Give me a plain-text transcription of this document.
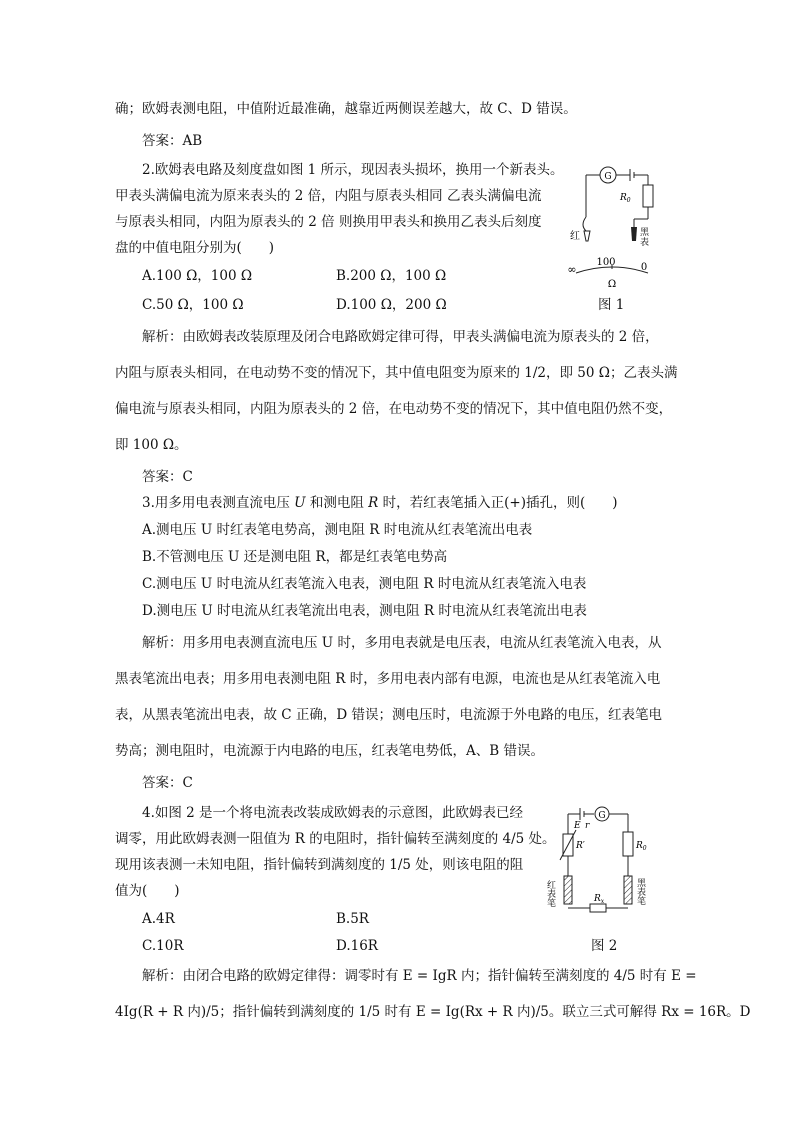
确；欧姆表测电阻，中值附近最准确，越靠近两侧误差越大，故 C、D 错误。
答案：AB
2.欧姆表电路及刻度盘如图 1 所示，现因表头损坏，换用一个新表头。
甲表头满偏电流为原来表头的 2 倍，内阻与原表头相同 乙表头满偏电流
与原表头相同，内阻为原表头的 2 倍 则换用甲表头和换用乙表头后刻度
盘的中值电阻分别为(　　)
A.100 Ω，100 Ω	B.200 Ω，100 Ω
C.50 Ω，100 Ω	D.100 Ω，200 Ω
G
$R_0$
红	黑
表
100
∞	0
Ω
图 1
解析：由欧姆表改装原理及闭合电路欧姆定律可得，甲表头满偏电流为原表头的 2 倍，
内阻与原表头相同，在电动势不变的情况下，其中值电阻变为原来的 1/2，即 50 Ω；乙表头满
偏电流与原表头相同，内阻为原表头的 2 倍，在电动势不变的情况下，其中值电阻仍然不变，
即 100 Ω。
答案：C
3.用多用电表测直流电压 U 和测电阻 R 时，若红表笔插入正(+)插孔，则(　　)
A.测电压 U 时红表笔电势高，测电阻 R 时电流从红表笔流出电表
B.不管测电压 U 还是测电阻 R，都是红表笔电势高
C.测电压 U 时电流从红表笔流入电表，测电阻 R 时电流从红表笔流入电表
D.测电压 U 时电流从红表笔流出电表，测电阻 R 时电流从红表笔流出电表
解析：用多用电表测直流电压 U 时，多用电表就是电压表，电流从红表笔流入电表，从
黑表笔流出电表；用多用电表测电阻 R 时，多用电表内部有电源，电流也是从红表笔流入电
表，从黑表笔流出电表，故 C 正确，D 错误；测电压时，电流源于外电路的电压，红表笔电
势高；测电阻时，电流源于内电路的电压，红表笔电势低，A、B 错误。
答案：C
4.如图 2 是一个将电流表改装成欧姆表的示意图，此欧姆表已经
调零，用此欧姆表测一阻值为 R 的电阻时，指针偏转至满刻度的 4/5 处。
现用该表测一未知电阻，指针偏转到满刻度的 1/5 处，则该电阻的阻
值为(　　)
A.4R	B.5R
C.10R	D.16R
G
E r
R′	$R_0$
$R_x$
红表笔	黑表笔
图 2
解析：由闭合电路的欧姆定律得：调零时有 E = IgR 内；指针偏转至满刻度的 4/5 时有 E =
4Ig(R + R 内)/5；指针偏转到满刻度的 1/5 时有 E = Ig(Rx + R 内)/5。联立三式可解得 Rx = 16R。D
